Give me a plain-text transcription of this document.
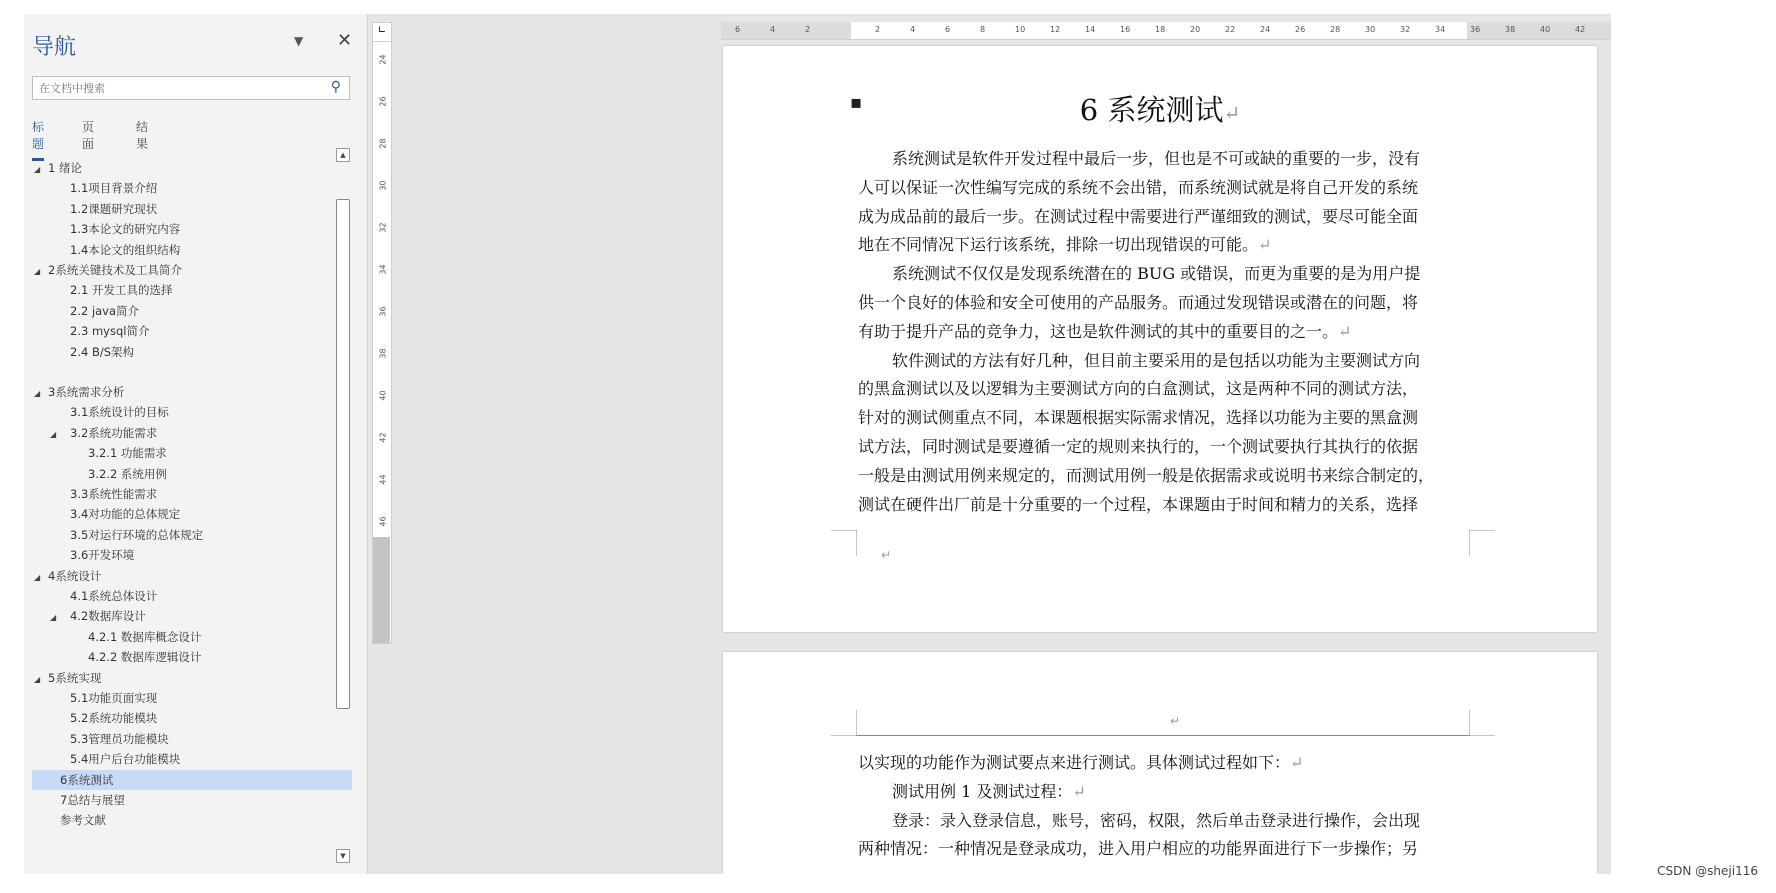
导航	▼ ✕
在文档中搜索
⚲
标题
页面
结果
◢ 1 绪论
1.1项目背景介绍
1.2课题研究现状
1.3本论文的研究内容
1.4本论文的组织结构
◢ 2系统关键技术及工具简介
2.1 开发工具的选择
2.2 java简介
2.3 mysql简介
2.4 B/S架构
◢ 3系统需求分析
3.1系统设计的目标
◢ 3.2系统功能需求
3.2.1 功能需求
3.2.2 系统用例
3.3系统性能需求
3.4对功能的总体规定
3.5对运行环境的总体规定
3.6开发环境
◢ 4系统设计
4.1系统总体设计
◢ 4.2数据库设计
4.2.1 数据库概念设计
4.2.2 数据库逻辑设计
◢ 5系统实现
5.1功能页面实现
5.2系统功能模块
5.3管理员功能模块
5.4用户后台功能模块
6系统测试
7总结与展望
参考文献
▲
▼
24
26
28
30
32
34
36
38
40
42
44
46
∟	6	4	2	2	4	6	8	10	12	14	16	18	20	22	24	26	28	30	32	34	36	38	40	42
▪	6 系统测试↵
系统测试是软件开发过程中最后一步，但也是不可或缺的重要的一步，没有
人可以保证一次性编写完成的系统不会出错，而系统测试就是将自己开发的系统
成为成品前的最后一步。在测试过程中需要进行严谨细致的测试，要尽可能全面
地在不同情况下运行该系统，排除一切出现错误的可能。↵
系统测试不仅仅是发现系统潜在的 BUG 或错误，而更为重要的是为用户提
供一个良好的体验和安全可使用的产品服务。而通过发现错误或潜在的问题，将
有助于提升产品的竞争力，这也是软件测试的其中的重要目的之一。↵
软件测试的方法有好几种，但目前主要采用的是包括以功能为主要测试方向
的黑盒测试以及以逻辑为主要测试方向的白盒测试，这是两种不同的测试方法，
针对的测试侧重点不同，本课题根据实际需求情况，选择以功能为主要的黑盒测
试方法，同时测试是要遵循一定的规则来执行的，一个测试要执行其执行的依据
一般是由测试用例来规定的，而测试用例一般是依据需求或说明书来综合制定的，
测试在硬件出厂前是十分重要的一个过程，本课题由于时间和精力的关系，选择
↵
↵
以实现的功能作为测试要点来进行测试。具体测试过程如下：↵
测试用例 1 及测试过程：↵
登录：录入登录信息，账号，密码，权限，然后单击登录进行操作，会出现
两种情况：一种情况是登录成功，进入用户相应的功能界面进行下一步操作；另
CSDN @sheji116
